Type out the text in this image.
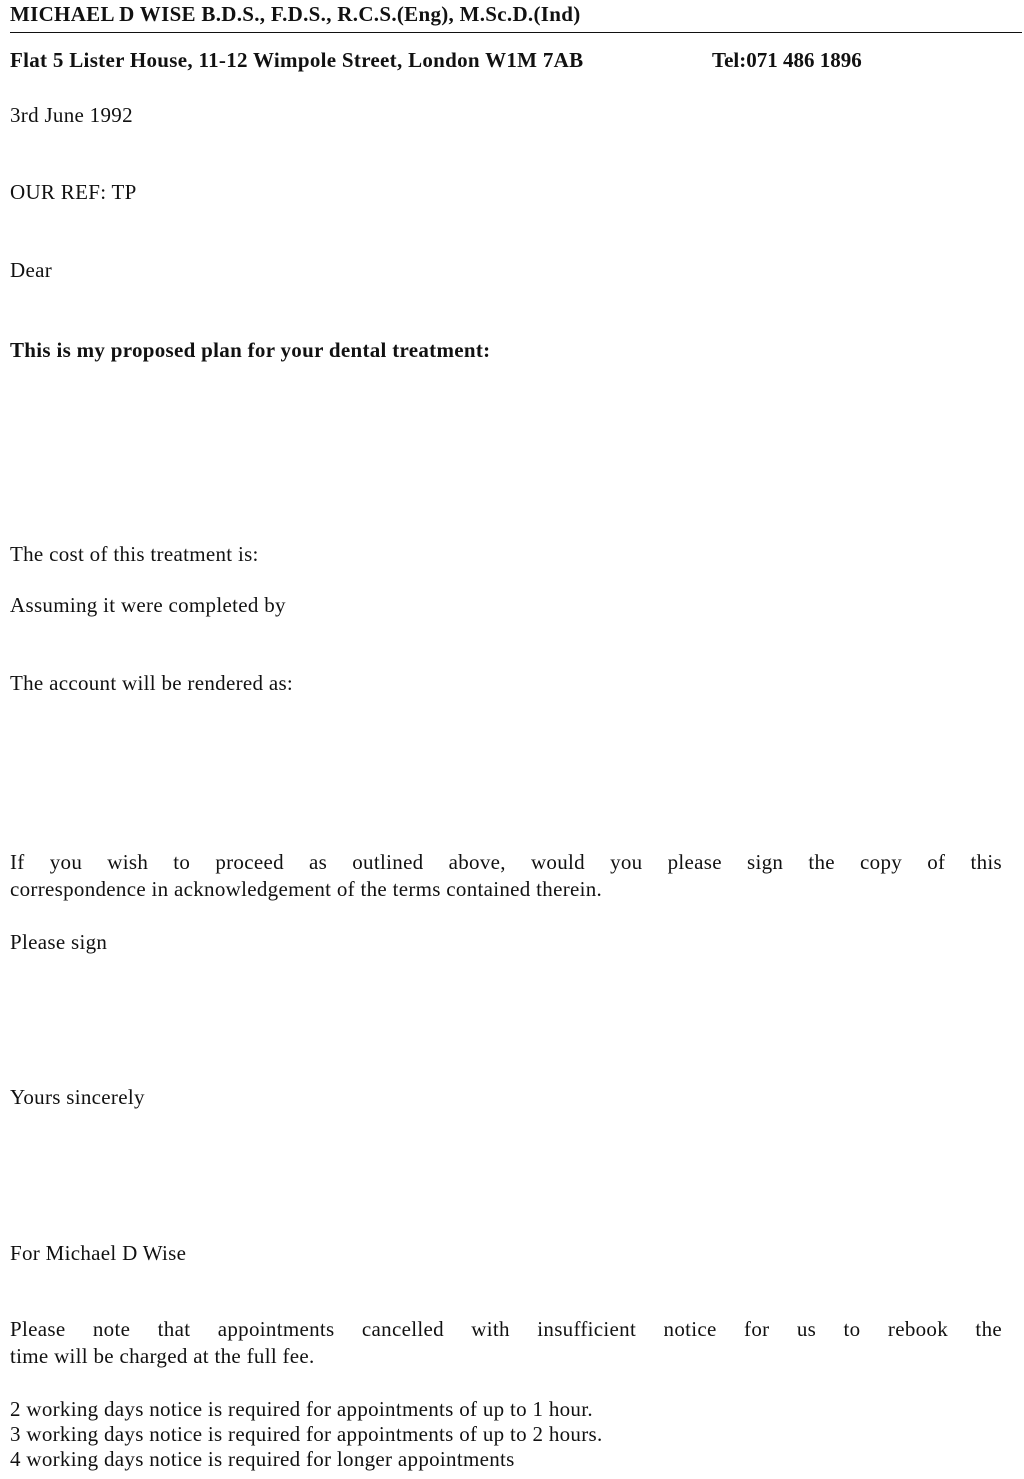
MICHAEL D WISE B.D.S., F.D.S., R.C.S.(Eng), M.Sc.D.(Ind)
Flat 5 Lister House, 11-12 Wimpole Street, London W1M 7AB	Tel:071 486 1896
3rd June 1992
OUR REF: TP
Dear
This is my proposed plan for your dental treatment:
The cost of this treatment is:
Assuming it were completed by
The account will be rendered as:
If you wish to proceed as outlined above, would you please sign the copy of this
correspondence in acknowledgement of the terms contained therein.
Please sign
Yours sincerely
For Michael D Wise
Please note that appointments cancelled with insufficient notice for us to rebook the
time will be charged at the full fee.
2 working days notice is required for appointments of up to 1 hour.
3 working days notice is required for appointments of up to 2 hours.
4 working days notice is required for longer appointments
